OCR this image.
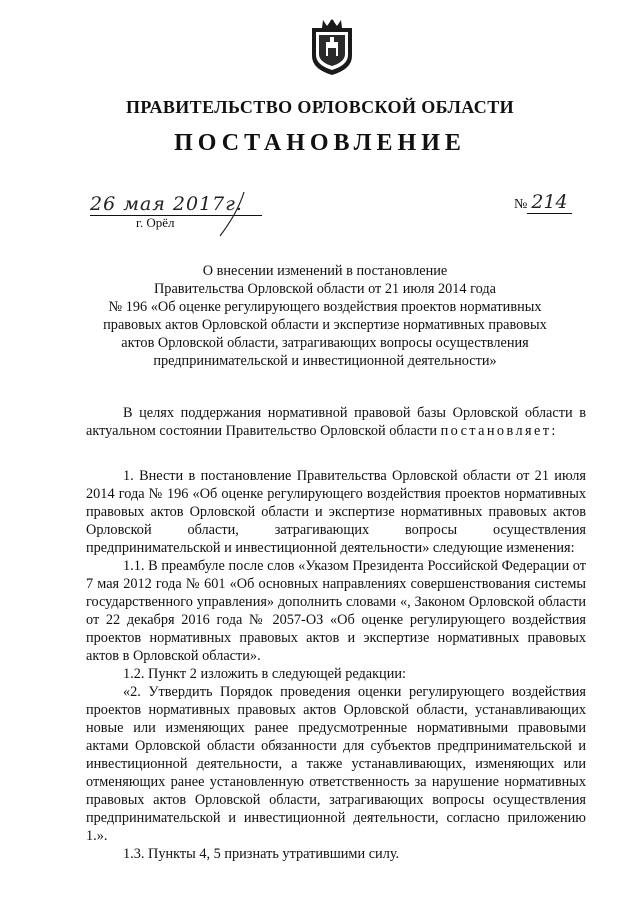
ПРАВИТЕЛЬСТВО ОРЛОВСКОЙ ОБЛАСТИ
ПОСТАНОВЛЕНИЕ
26 мая 2017г.
г. Орёл
№ 214
О внесении изменений в постановление
Правительства Орловской области от 21 июля 2014 года
№ 196 «Об оценке регулирующего воздействия проектов нормативных
правовых актов Орловской области и экспертизе нормативных правовых
актов Орловской области, затрагивающих вопросы осуществления
предпринимательской и инвестиционной деятельности»

В целях поддержания нормативной правовой базы Орловской области в актуальном состоянии Правительство Орловской области постановляет:

1. Внести в постановление Правительства Орловской области от 21 июля 2014 года № 196 «Об оценке регулирующего воздействия проектов нормативных правовых актов Орловской области и экспертизе нормативных правовых актов Орловской области, затрагивающих вопросы осуществления предпринимательской и инвестиционной деятельности» следующие изменения:

1.1. В преамбуле после слов «Указом Президента Российской Федерации от 7 мая 2012 года № 601 «Об основных направлениях совершенствования системы государственного управления» дополнить словами «, Законом Орловской области от 22 декабря 2016 года № 2057-ОЗ «Об оценке регулирующего воздействия проектов нормативных правовых актов и экспертизе нормативных правовых актов в Орловской области».

1.2. Пункт 2 изложить в следующей редакции:

«2. Утвердить Порядок проведения оценки регулирующего воздействия проектов нормативных правовых актов Орловской области, устанавливающих новые или изменяющих ранее предусмотренные нормативными правовыми актами Орловской области обязанности для субъектов предпринимательской и инвестиционной деятельности, а также устанавливающих, изменяющих или отменяющих ранее установленную ответственность за нарушение нормативных правовых актов Орловской области, затрагивающих вопросы осуществления предпринимательской и инвестиционной деятельности, согласно приложению 1.».

1.3. Пункты 4, 5 признать утратившими силу.
